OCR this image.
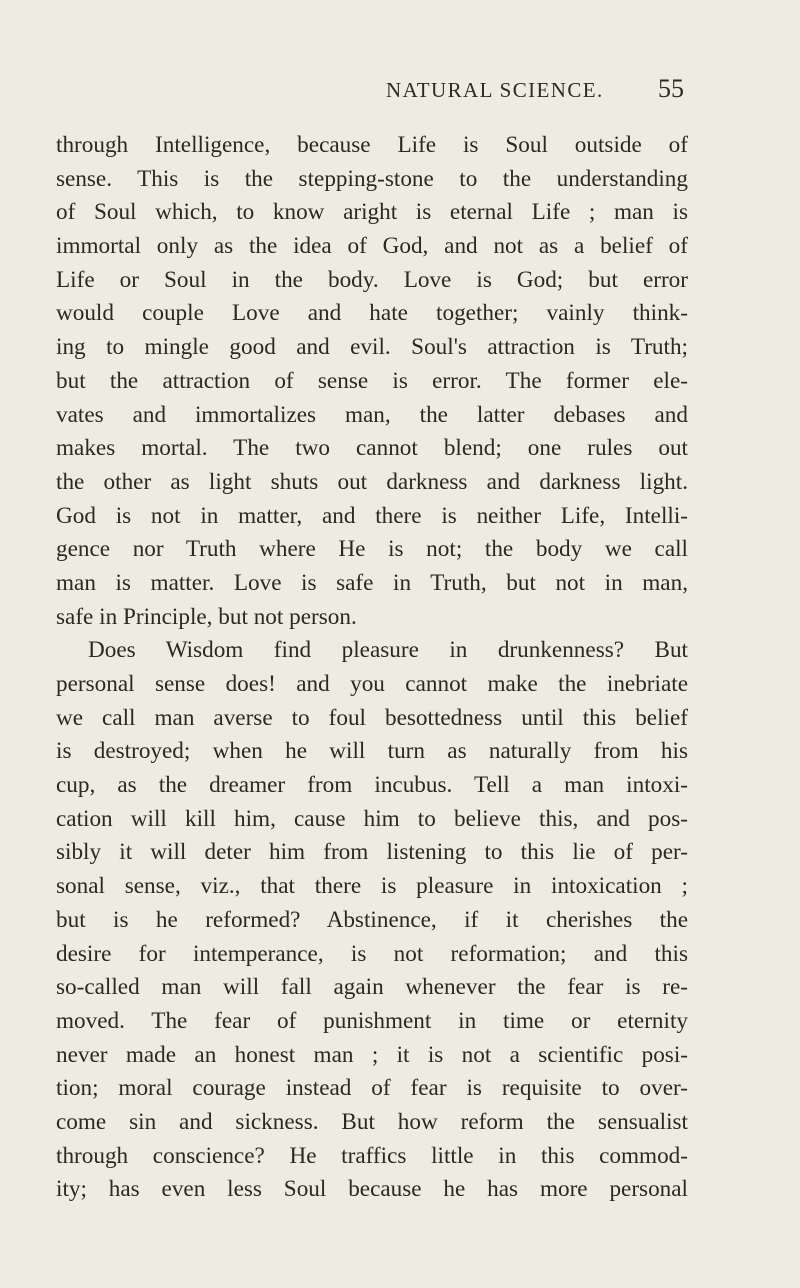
NATURAL SCIENCE. 55
through Intelligence, because Life is Soul outside of
sense. This is the stepping-stone to the understanding
of Soul which, to know aright is eternal Life ; man is
immortal only as the idea of God, and not as a belief of
Life or Soul in the body. Love is God; but error
would couple Love and hate together; vainly think-
ing to mingle good and evil. Soul's attraction is Truth;
but the attraction of sense is error. The former ele-
vates and immortalizes man, the latter debases and
makes mortal. The two cannot blend; one rules out
the other as light shuts out darkness and darkness light.
God is not in matter, and there is neither Life, Intelli-
gence nor Truth where He is not; the body we call
man is matter. Love is safe in Truth, but not in man,
safe in Principle, but not person.
Does Wisdom find pleasure in drunkenness? But
personal sense does! and you cannot make the inebriate
we call man averse to foul besottedness until this belief
is destroyed; when he will turn as naturally from his
cup, as the dreamer from incubus. Tell a man intoxi-
cation will kill him, cause him to believe this, and pos-
sibly it will deter him from listening to this lie of per-
sonal sense, viz., that there is pleasure in intoxication ;
but is he reformed? Abstinence, if it cherishes the
desire for intemperance, is not reformation; and this
so-called man will fall again whenever the fear is re-
moved. The fear of punishment in time or eternity
never made an honest man ; it is not a scientific posi-
tion; moral courage instead of fear is requisite to over-
come sin and sickness. But how reform the sensualist
through conscience? He traffics little in this commod-
ity; has even less Soul because he has more personal
